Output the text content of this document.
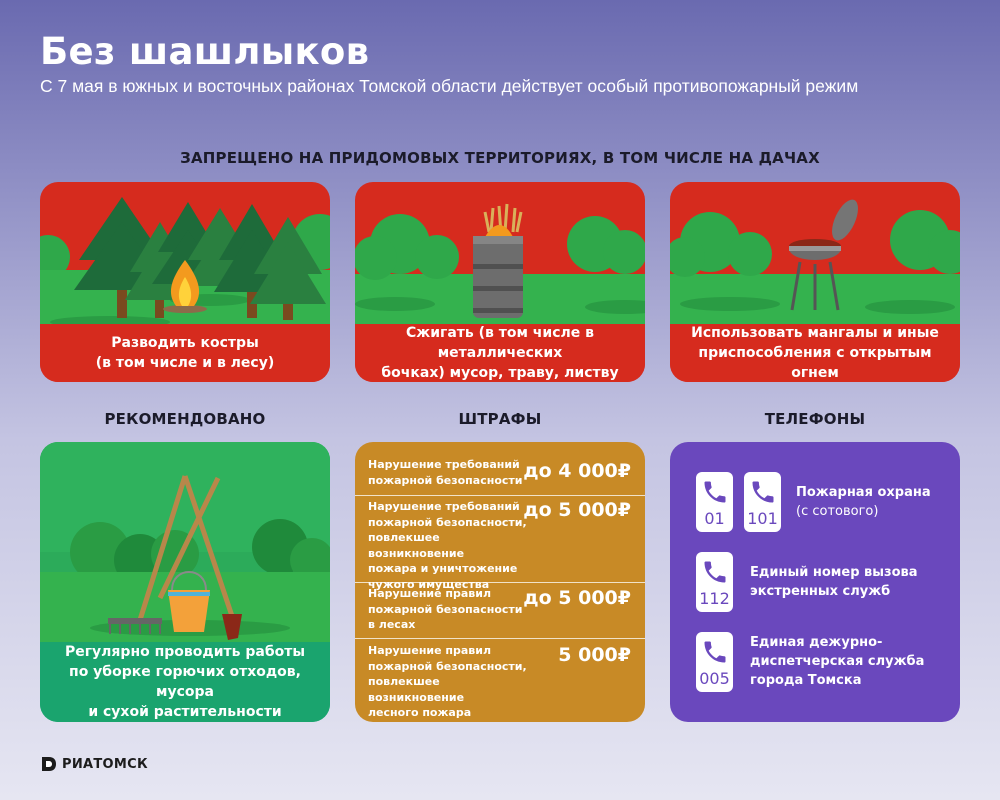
Без шашлыков

С 7 мая в южных и восточных районах Томской области действует особый противопожарный режим

ЗАПРЕЩЕНО НА ПРИДОМОВЫХ ТЕРРИТОРИЯХ, В ТОМ ЧИСЛЕ НА ДАЧАХ
Разводить костры
(в том числе и в лесу)
Сжигать (в том числе в металлических
бочках) мусор, траву, листву
Использовать мангалы и иные
приспособления с открытым огнем
РЕКОМЕНДОВАНО	ШТРАФЫ	ТЕЛЕФОНЫ
Регулярно проводить работы
по уборке горючих отходов, мусора
и сухой растительности
Нарушение требований
пожарной безопасности до 4 000₽
Нарушение требований
пожарной безопасности,
повлекшее возникновение
пожара и уничтожение
чужого имущества
до 5 000₽
Нарушение правил
пожарной безопасности
в лесах
до 5 000₽
Нарушение правил
пожарной безопасности,
повлекшее возникновение
лесного пожара
5 000₽
01	101
Пожарная охрана
(с сотового)
112
Единый номер вызова
экстренных служб
005
Единая дежурно-
диспетчерская служба
города Томска
РИАТОМСК
